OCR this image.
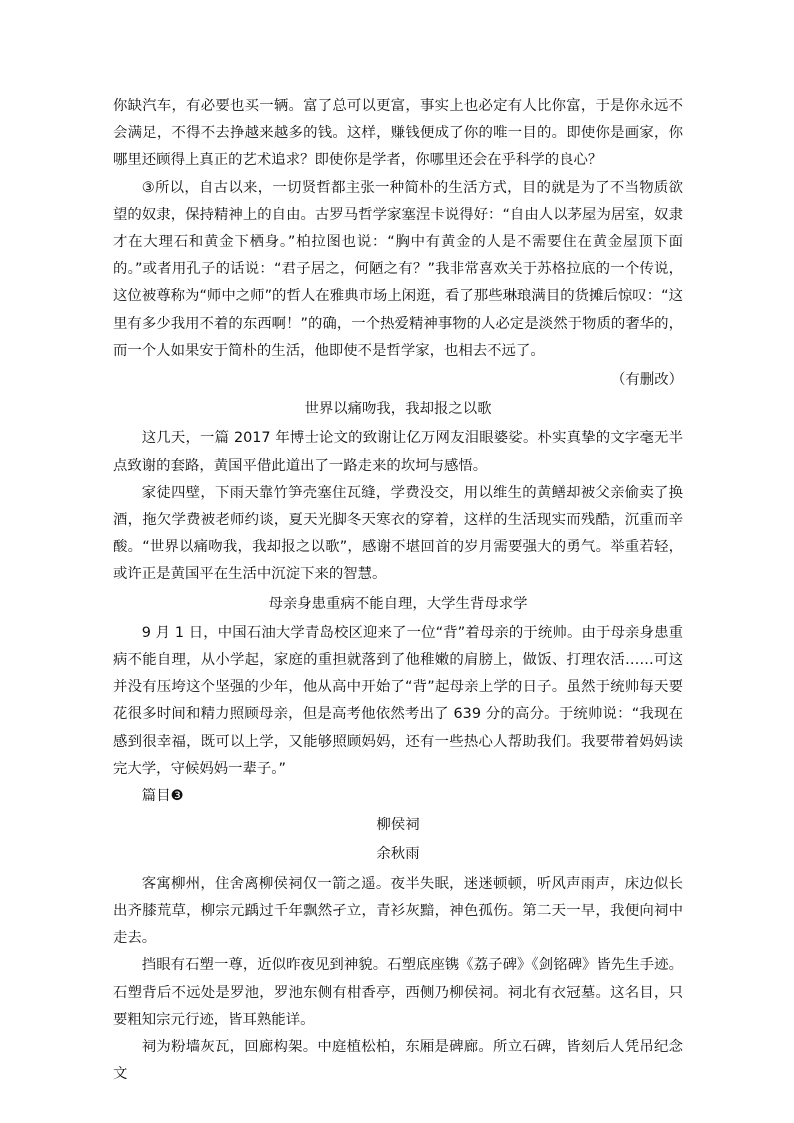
你缺汽车，有必要也买一辆。富了总可以更富，事实上也必定有人比你富，于是你永远不会满足，不得不去挣越来越多的钱。这样，赚钱便成了你的唯一目的。即使你是画家，你哪里还顾得上真正的艺术追求？即使你是学者，你哪里还会在乎科学的良心？

③所以，自古以来，一切贤哲都主张一种简朴的生活方式，目的就是为了不当物质欲望的奴隶，保持精神上的自由。古罗马哲学家塞涅卡说得好：“自由人以茅屋为居室，奴隶才在大理石和黄金下栖身。”柏拉图也说：“胸中有黄金的人是不需要住在黄金屋顶下面的。”或者用孔子的话说：“君子居之，何陋之有？”我非常喜欢关于苏格拉底的一个传说，这位被尊称为“师中之师”的哲人在雅典市场上闲逛，看了那些琳琅满目的货摊后惊叹：“这里有多少我用不着的东西啊！”的确，一个热爱精神事物的人必定是淡然于物质的奢华的，而一个人如果安于简朴的生活，他即使不是哲学家，也相去不远了。

（有删改）

世界以痛吻我，我却报之以歌

这几天，一篇 2017 年博士论文的致谢让亿万网友泪眼婆娑。朴实真挚的文字毫无半点致谢的套路，黄国平借此道出了一路走来的坎坷与感悟。

家徒四壁，下雨天靠竹笋壳塞住瓦缝，学费没交，用以维生的黄鳝却被父亲偷卖了换酒，拖欠学费被老师约谈，夏天光脚冬天寒衣的穿着，这样的生活现实而残酷，沉重而辛酸。“世界以痛吻我，我却报之以歌”，感谢不堪回首的岁月需要强大的勇气。举重若轻，或许正是黄国平在生活中沉淀下来的智慧。

母亲身患重病不能自理，大学生背母求学

9 月 1 日，中国石油大学青岛校区迎来了一位“背”着母亲的于统帅。由于母亲身患重病不能自理，从小学起，家庭的重担就落到了他稚嫩的肩膀上，做饭、打理农活……可这并没有压垮这个坚强的少年，他从高中开始了“背”起母亲上学的日子。虽然于统帅每天要花很多时间和精力照顾母亲，但是高考他依然考出了 639 分的高分。于统帅说：“我现在感到很幸福，既可以上学，又能够照顾妈妈，还有一些热心人帮助我们。我要带着妈妈读完大学，守候妈妈一辈子。”

篇目❸

柳侯祠

余秋雨

客寓柳州，住舍离柳侯祠仅一箭之遥。夜半失眠，迷迷顿顿，听风声雨声，床边似长出齐膝荒草，柳宗元踽过千年飘然孑立，青衫灰黯，神色孤伤。第二天一早，我便向祠中走去。

挡眼有石塑一尊，近似昨夜见到神貌。石塑底座镌《荔子碑》《剑铭碑》皆先生手迹。石塑背后不远处是罗池，罗池东侧有柑香亭，西侧乃柳侯祠。祠北有衣冠墓。这名目，只要粗知宗元行迹，皆耳熟能详。

祠为粉墙灰瓦，回廊构架。中庭植松柏，东厢是碑廊。所立石碑，皆刻后人凭吊纪念文
